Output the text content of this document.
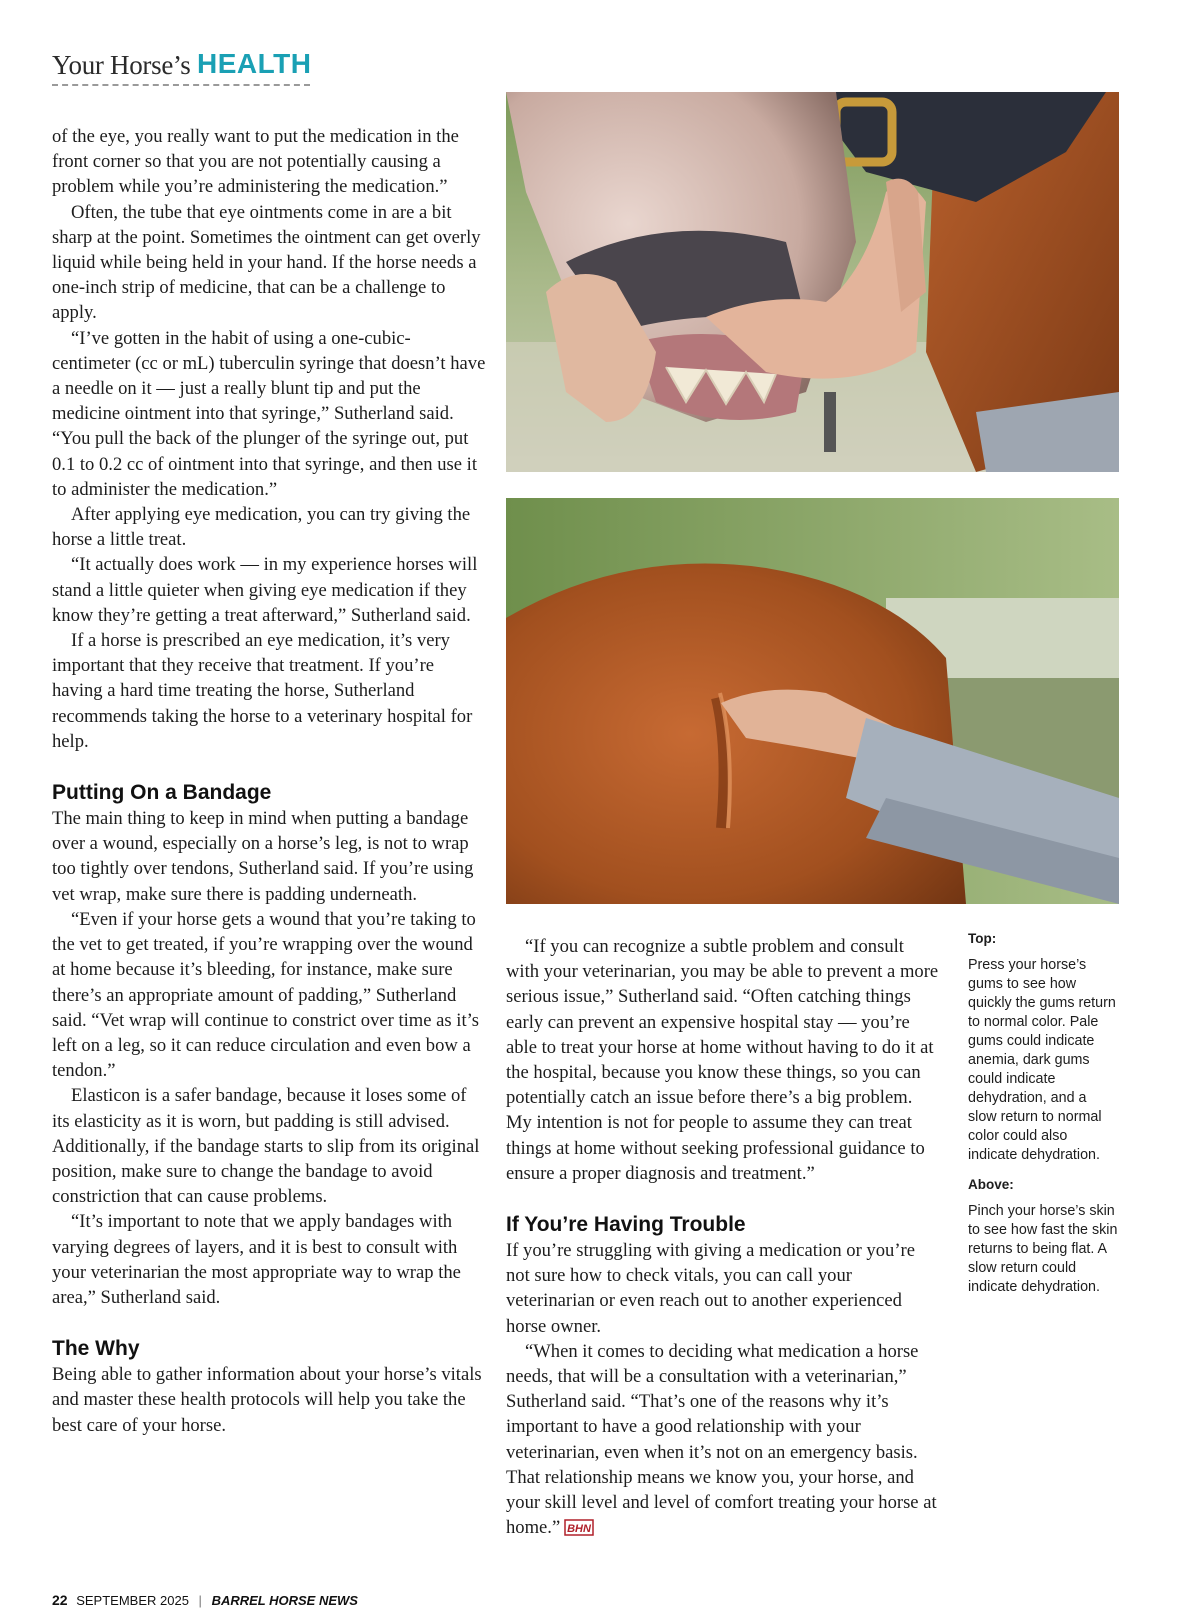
Your Horse’s HEALTH

of the eye, you really want to put the medication in the front corner so that you are not potentially causing a problem while you’re administering the medication.”

Often, the tube that eye ointments come in are a bit sharp at the point. Sometimes the ointment can get overly liquid while being held in your hand. If the horse needs a one-inch strip of medicine, that can be a challenge to apply.

“I’ve gotten in the habit of using a one-cubic-centimeter (cc or mL) tuberculin syringe that doesn’t have a needle on it — just a really blunt tip and put the medicine ointment into that syringe,” Sutherland said. “You pull the back of the plunger of the syringe out, put 0.1 to 0.2 cc of ointment into that syringe, and then use it to administer the medication.”

After applying eye medication, you can try giving the horse a little treat.

“It actually does work — in my experience horses will stand a little quieter when giving eye medication if they know they’re getting a treat afterward,” Sutherland said.

If a horse is prescribed an eye medication, it’s very important that they receive that treatment. If you’re having a hard time treating the horse, Sutherland recommends taking the horse to a veterinary hospital for help.

Putting On a Bandage

The main thing to keep in mind when putting a bandage over a wound, especially on a horse’s leg, is not to wrap too tightly over tendons, Sutherland said. If you’re using vet wrap, make sure there is padding underneath.

“Even if your horse gets a wound that you’re taking to the vet to get treated, if you’re wrapping over the wound at home because it’s bleeding, for instance, make sure there’s an appropriate amount of padding,” Sutherland said. “Vet wrap will continue to constrict over time as it’s left on a leg, so it can reduce circulation and even bow a tendon.”

Elasticon is a safer bandage, because it loses some of its elasticity as it is worn, but padding is still advised. Additionally, if the bandage starts to slip from its original position, make sure to change the bandage to avoid constriction that can cause problems.

“It’s important to note that we apply bandages with varying degrees of layers, and it is best to consult with your veterinarian the most appropriate way to wrap the area,” Sutherland said.

The Why

Being able to gather information about your horse’s vitals and master these health protocols will help you take the best care of your horse.

Top:
Press your horse’s gums to see how quickly the gums return to normal color. Pale gums could indicate anemia, dark gums could indicate dehydration, and a slow return to normal color could also indicate dehydration.
Above:
Pinch your horse’s skin to see how fast the skin returns to being flat. A slow return could indicate dehydration.

“If you can recognize a subtle problem and consult with your veterinarian, you may be able to prevent a more serious issue,” Sutherland said. “Often catching things early can prevent an expensive hospital stay — you’re able to treat your horse at home without having to do it at the hospital, because you know these things, so you can potentially catch an issue before there’s a big problem. My intention is not for people to assume they can treat things at home without seeking professional guidance to ensure a proper diagnosis and treatment.”

If You’re Having Trouble

If you’re struggling with giving a medication or you’re not sure how to check vitals, you can call your veterinarian or even reach out to another experienced horse owner.

“When it comes to deciding what medication a horse needs, that will be a consultation with a veterinarian,” Sutherland said. “That’s one of the reasons why it’s important to have a good relationship with your veterinarian, even when it’s not on an emergency basis. That relationship means we know you, your horse, and your skill level and level of comfort treating your horse at home.” BHN

22 SEPTEMBER 2025 | BARREL HORSE NEWS
